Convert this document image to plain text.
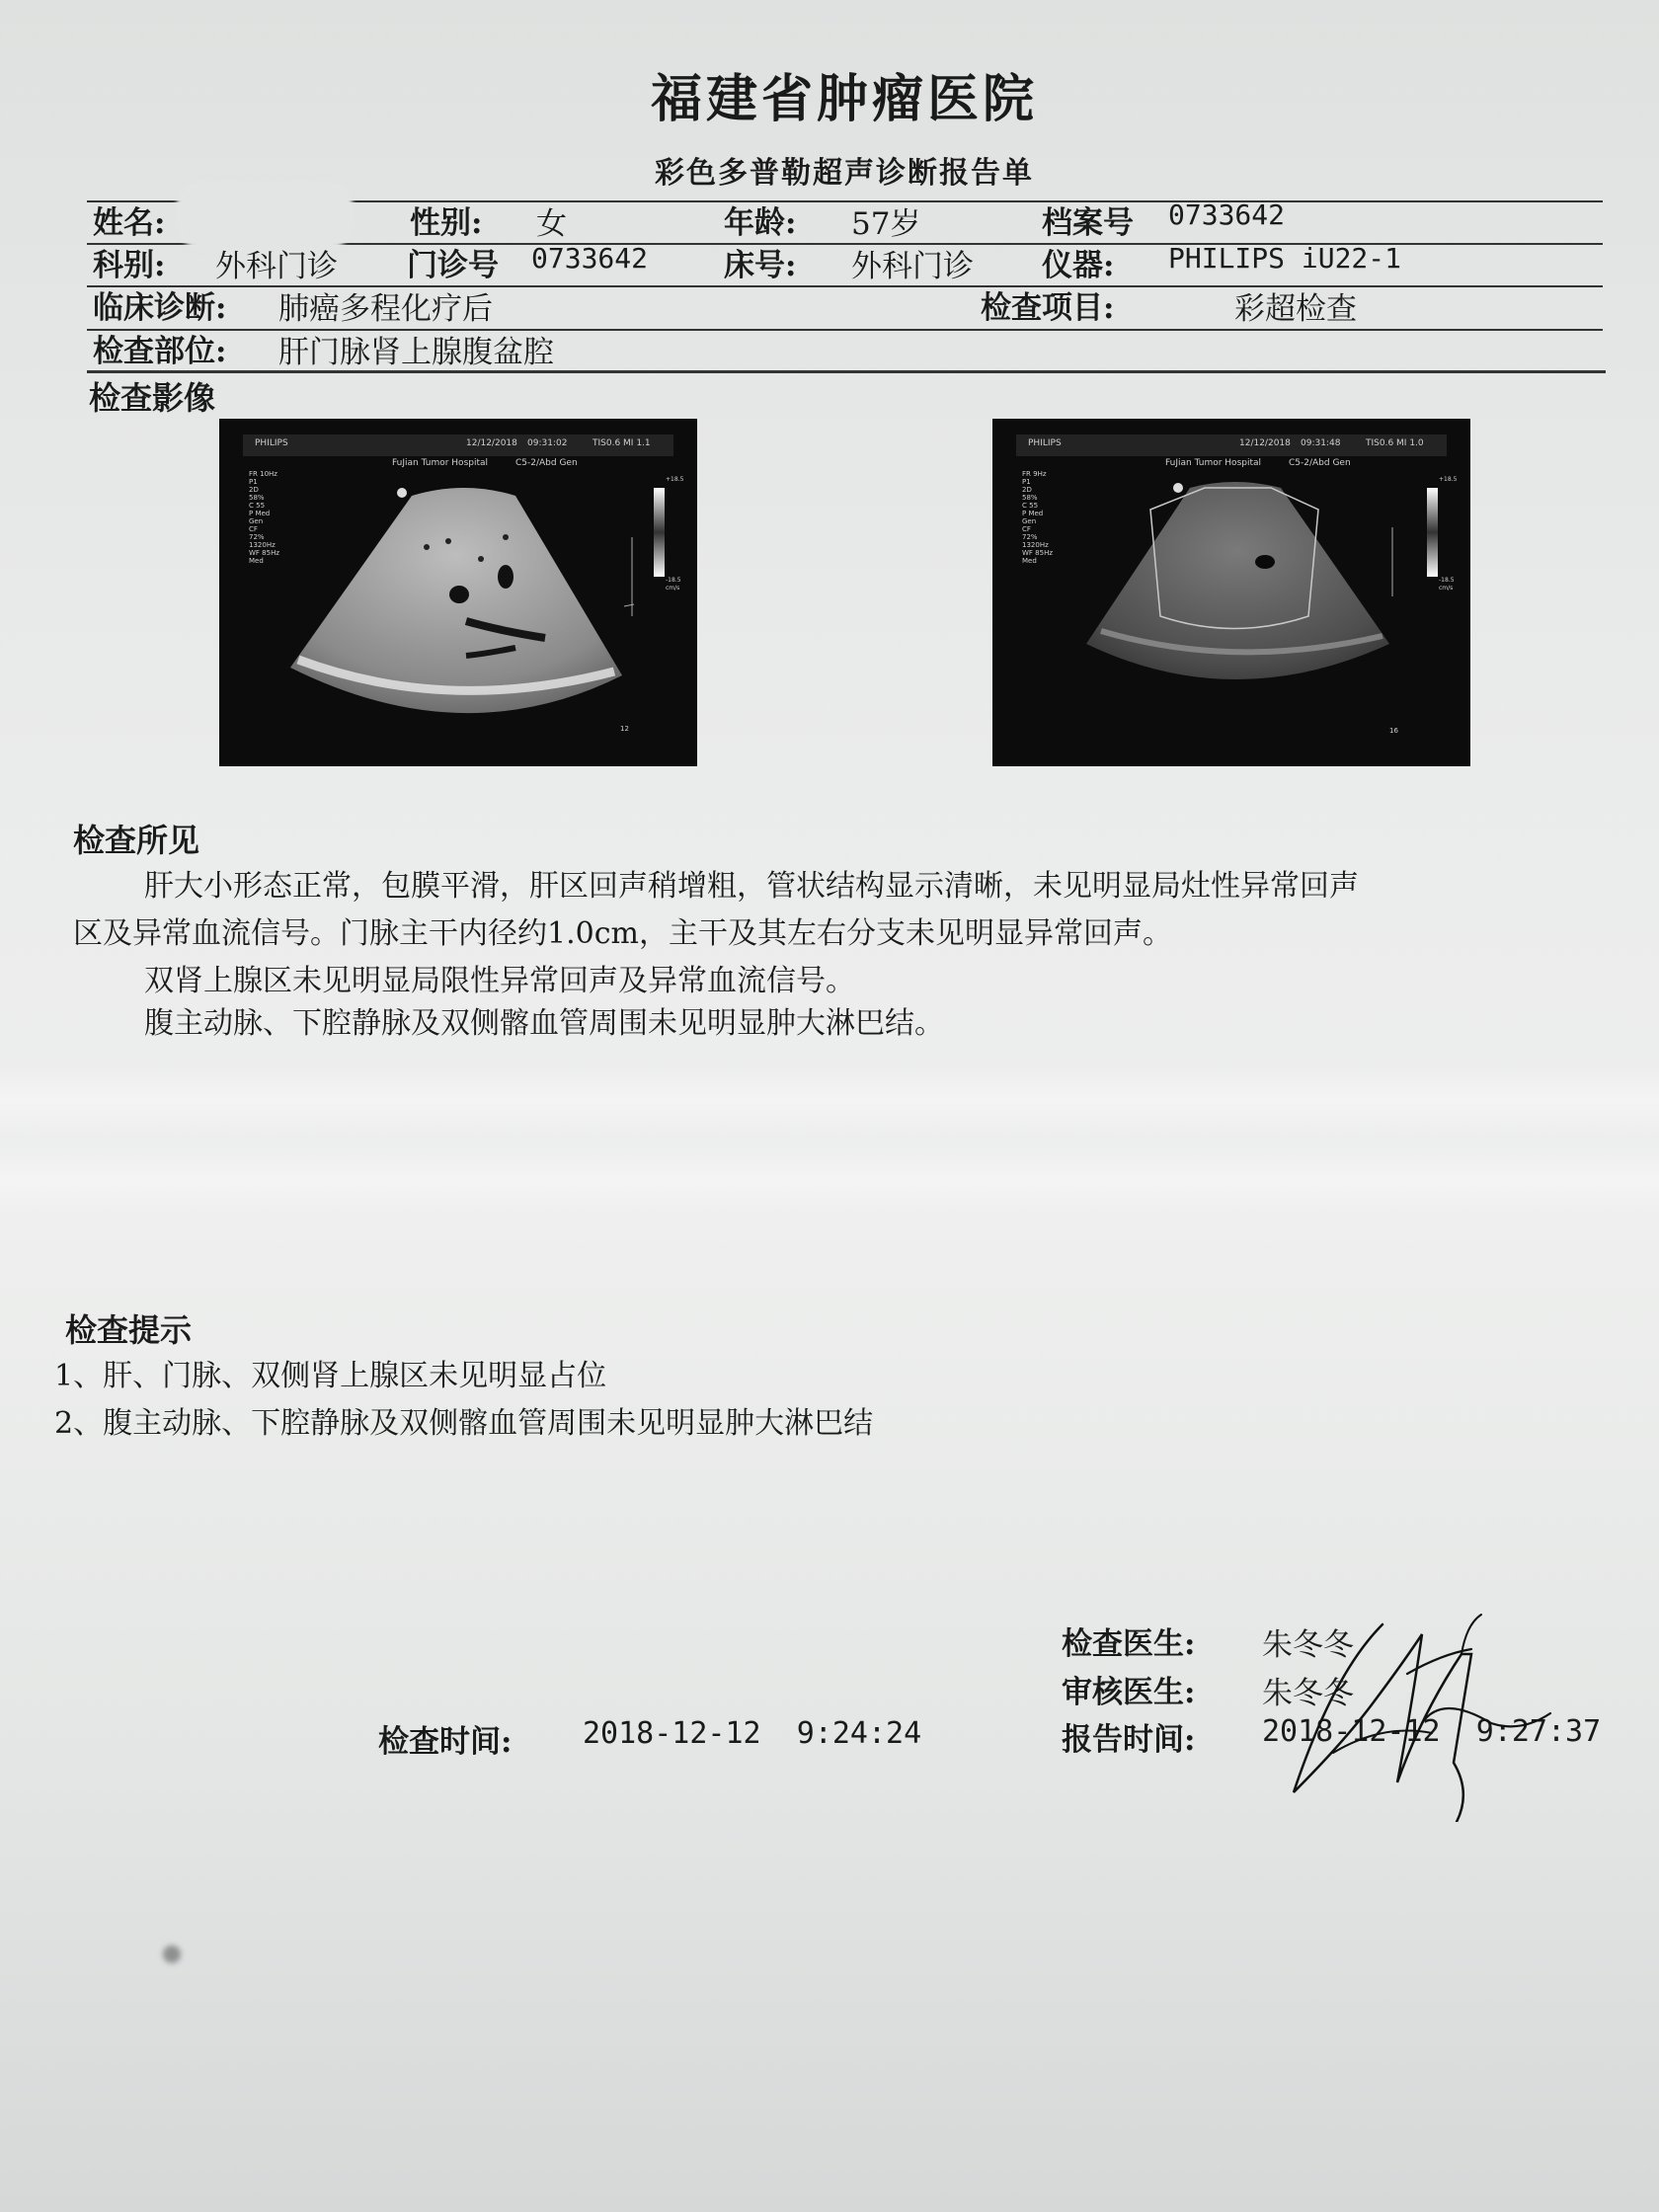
福建省肿瘤医院
彩色多普勒超声诊断报告单
姓名:	性别: 女	年龄: 57岁	档案号 0733642
科别: 外科门诊 门诊号 0733642 床号: 外科门诊 仪器: PHILIPS iU22-1
临床诊断: 肺癌多程化疗后	检查项目:	彩超检查
检查部位: 肝门脉肾上腺腹盆腔
检查影像
PHILIPS	12/12/2018 09:31:02	TIS0.6 MI 1.1
FuJian Tumor Hospital	C5-2/Abd Gen
FR 10Hz
P1
2D
58%
C 55
P Med
Gen
CF
72%
1320Hz
WF 85Hz
Med
+18.5
-18.5
cm/s
12
PHILIPS	12/12/2018 09:31:48	TIS0.6 MI 1.0
FuJian Tumor Hospital	C5-2/Abd Gen
FR 9Hz
P1
2D
58%
C 55
P Med
Gen
CF
72%
1320Hz
WF 85Hz
Med
+18.5
-18.5
cm/s
16
检查所见
肝大小形态正常，包膜平滑，肝区回声稍增粗，管状结构显示清晰，未见明显局灶性异常回声
区及异常血流信号。门脉主干内径约1.0cm，主干及其左右分支未见明显异常回声。
双肾上腺区未见明显局限性异常回声及异常血流信号。
腹主动脉、下腔静脉及双侧髂血管周围未见明显肿大淋巴结。
检查提示
1、肝、门脉、双侧肾上腺区未见明显占位
2、腹主动脉、下腔静脉及双侧髂血管周围未见明显肿大淋巴结
检查医生: 朱冬冬
审核医生: 朱冬冬
检查时间: 2018-12-12  9:24:24	报告时间: 2018-12-12  9:27:37
